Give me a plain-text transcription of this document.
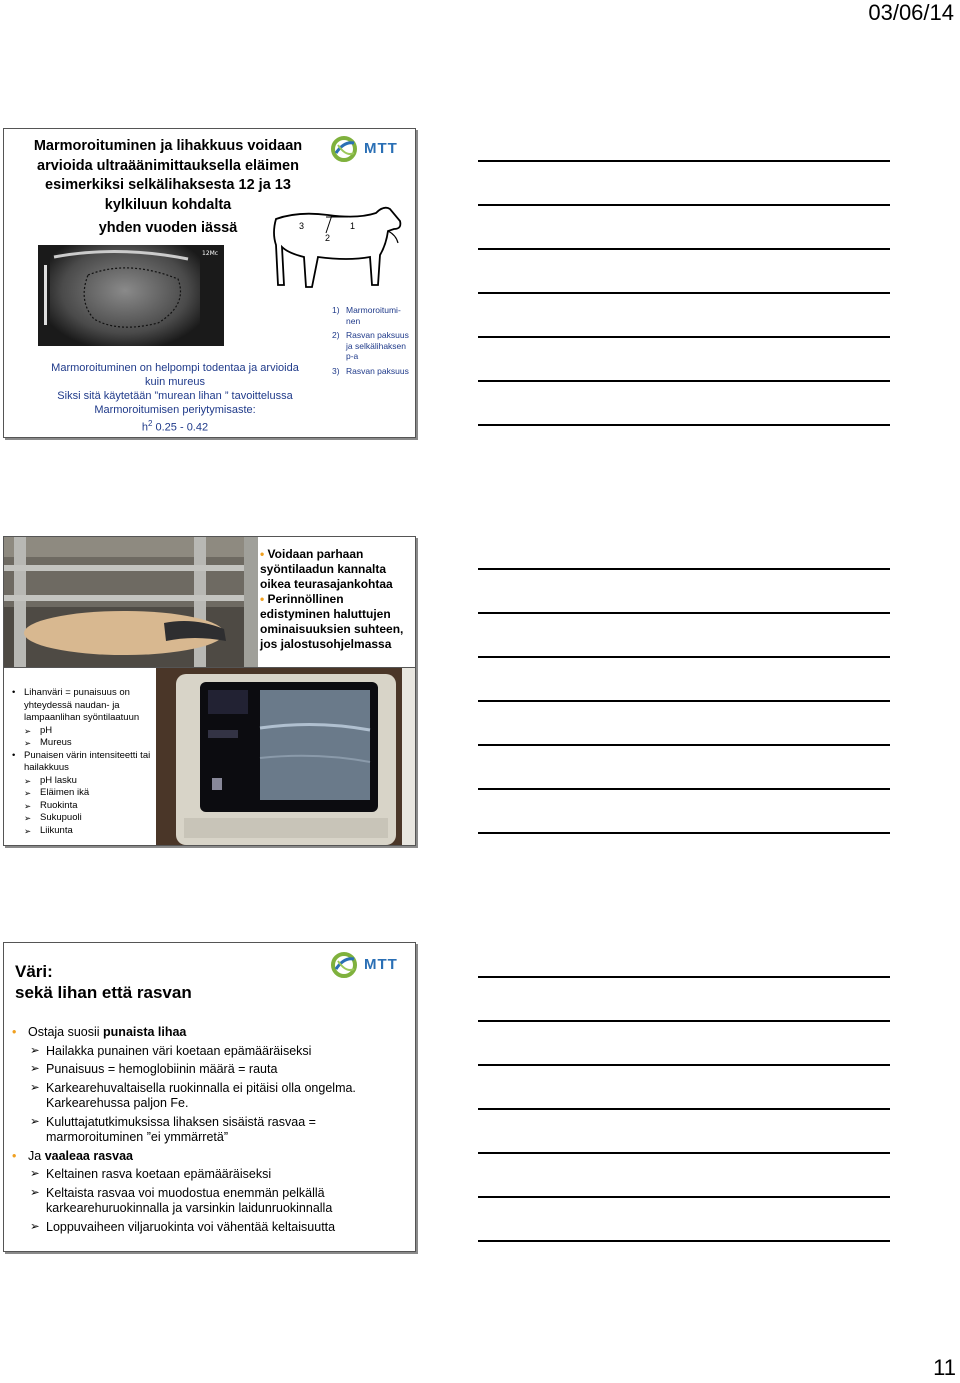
03/06/14
Marmoroituminen ja lihakkuus voidaan
arvioida ultraäänimittauksella eläimen
esimerkiksi selkälihaksesta 12 ja 13
kylkiluun kohdalta
yhden vuoden iässä
MTT
3
2
1
12Mc
1) Marmoroitumi-nen
2) Rasvan paksuus ja selkälihaksen p-a
3) Rasvan paksuus
Marmoroituminen on helpompi todentaa ja arvioida
kuin mureus
Siksi sitä käytetään ”murean lihan ” tavoittelussa
Marmoroitumisen periytymisaste:
$h^2$ 0.25 - 0.42
• Voidaan parhaan syöntilaadun kannalta oikea teurasajankohtaa
• Perinnöllinen edistyminen haluttujen ominaisuuksien suhteen, jos jalostusohjelmassa
• Lihanväri = punaisuus on yhteydessä naudan- ja lampaanlihan syöntilaatuun
➢ pH
➢ Mureus
• Punaisen värin intensiteetti tai hailakkuus
➢ pH lasku
➢ Eläimen ikä
➢ Ruokinta
➢ Sukupuoli
➢ Liikunta
Väri:
sekä lihan että rasvan
MTT
• Ostaja suosii punaista lihaa
➢ Hailakka punainen väri koetaan epämääräiseksi
➢ Punaisuus = hemoglobiinin määrä = rauta
➢ Karkearehuvaltaisella ruokinnalla ei pitäisi olla ongelma. Karkearehussa paljon Fe.
➢ Kuluttajatutkimuksissa lihaksen sisäistä rasvaa = marmoroituminen ”ei ymmärretä”
• Ja vaaleaa rasvaa
➢ Keltainen rasva koetaan epämääräiseksi
➢ Keltaista rasvaa voi muodostua enemmän pelkällä karkearehuruokinnalla ja varsinkin laidunruokinnalla
➢ Loppuvaiheen viljaruokinta voi vähentää keltaisuutta
11
